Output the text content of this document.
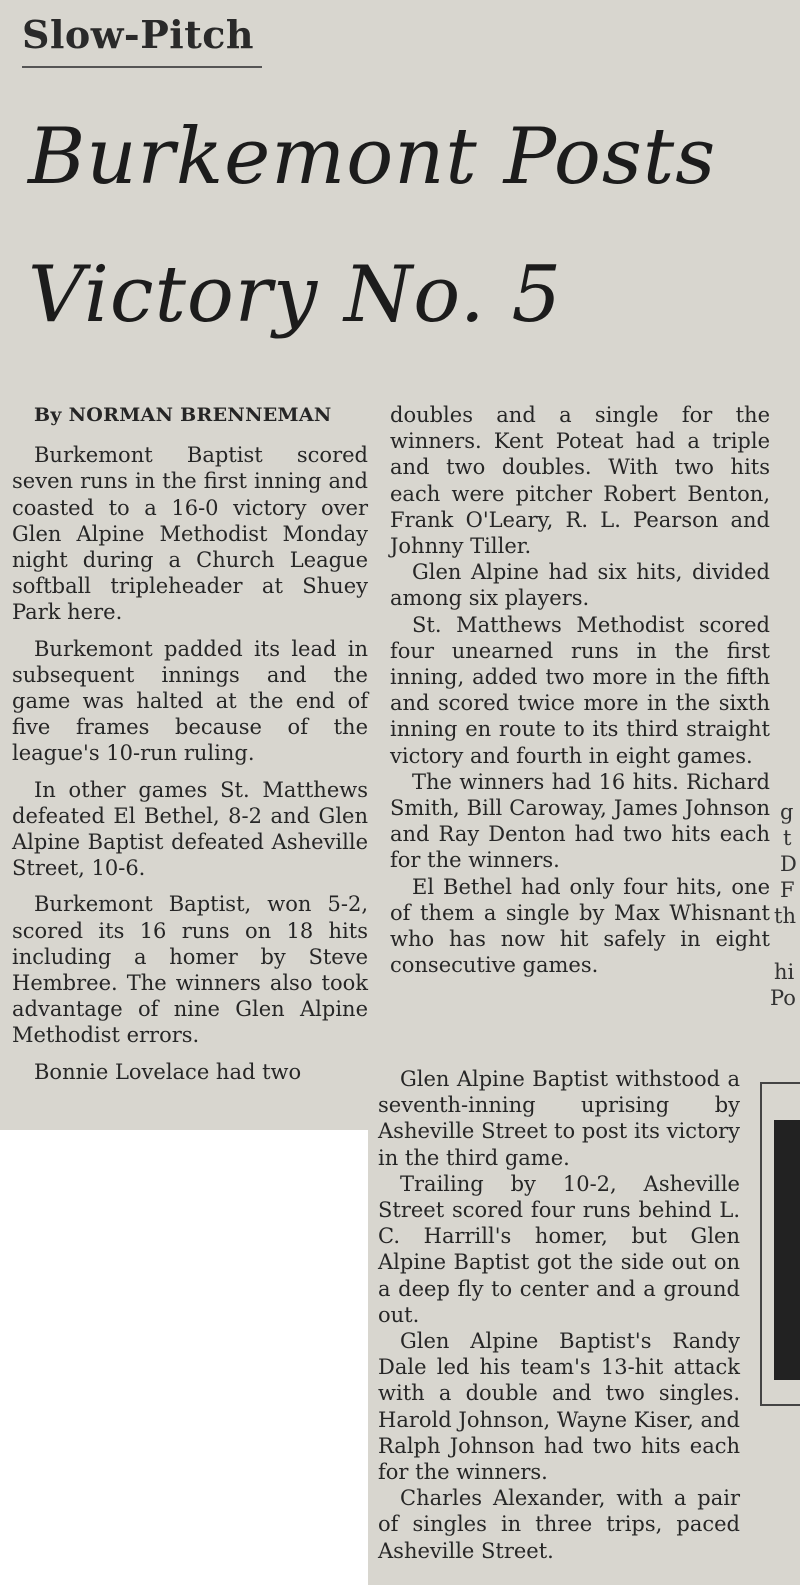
Slow-Pitch
Burkemont Posts
Victory No. 5
By NORMAN BRENNEMAN

Burkemont Baptist scored seven runs in the first inning and coasted to a 16-0 victory over Glen Alpine Methodist Monday night during a Church League softball tripleheader at Shuey Park here.

Burkemont padded its lead in subsequent innings and the game was halted at the end of five frames because of the league's 10-run ruling.

In other games St. Matthews defeated El Bethel, 8-2 and Glen Alpine Baptist defeated Asheville Street, 10-6.

Burkemont Baptist, won 5-2, scored its 16 runs on 18 hits including a homer by Steve Hembree. The winners also took advantage of nine Glen Alpine Methodist errors.

Bonnie Lovelace had two

doubles and a single for the winners. Kent Poteat had a triple and two doubles. With two hits each were pitcher Robert Benton, Frank O'Leary, R. L. Pearson and Johnny Tiller.

Glen Alpine had six hits, divided among six players.

St. Matthews Methodist scored four unearned runs in the first inning, added two more in the fifth and scored twice more in the sixth inning en route to its third straight victory and fourth in eight games.

The winners had 16 hits. Richard Smith, Bill Caroway, James Johnson and Ray Denton had two hits each for the winners.

El Bethel had only four hits, one of them a single by Max Whisnant who has now hit safely in eight consecutive games.

Glen Alpine Baptist withstood a seventh-inning uprising by Asheville Street to post its victory in the third game.

Trailing by 10-2, Asheville Street scored four runs behind L. C. Harrill's homer, but Glen Alpine Baptist got the side out on a deep fly to center and a ground out.

Glen Alpine Baptist's Randy Dale led his team's 13-hit attack with a double and two singles. Harold Johnson, Wayne Kiser, and Ralph Johnson had two hits each for the winners.

Charles Alexander, with a pair of singles in three trips, paced Asheville Street.

g
t
D
F
th
hi
Po
